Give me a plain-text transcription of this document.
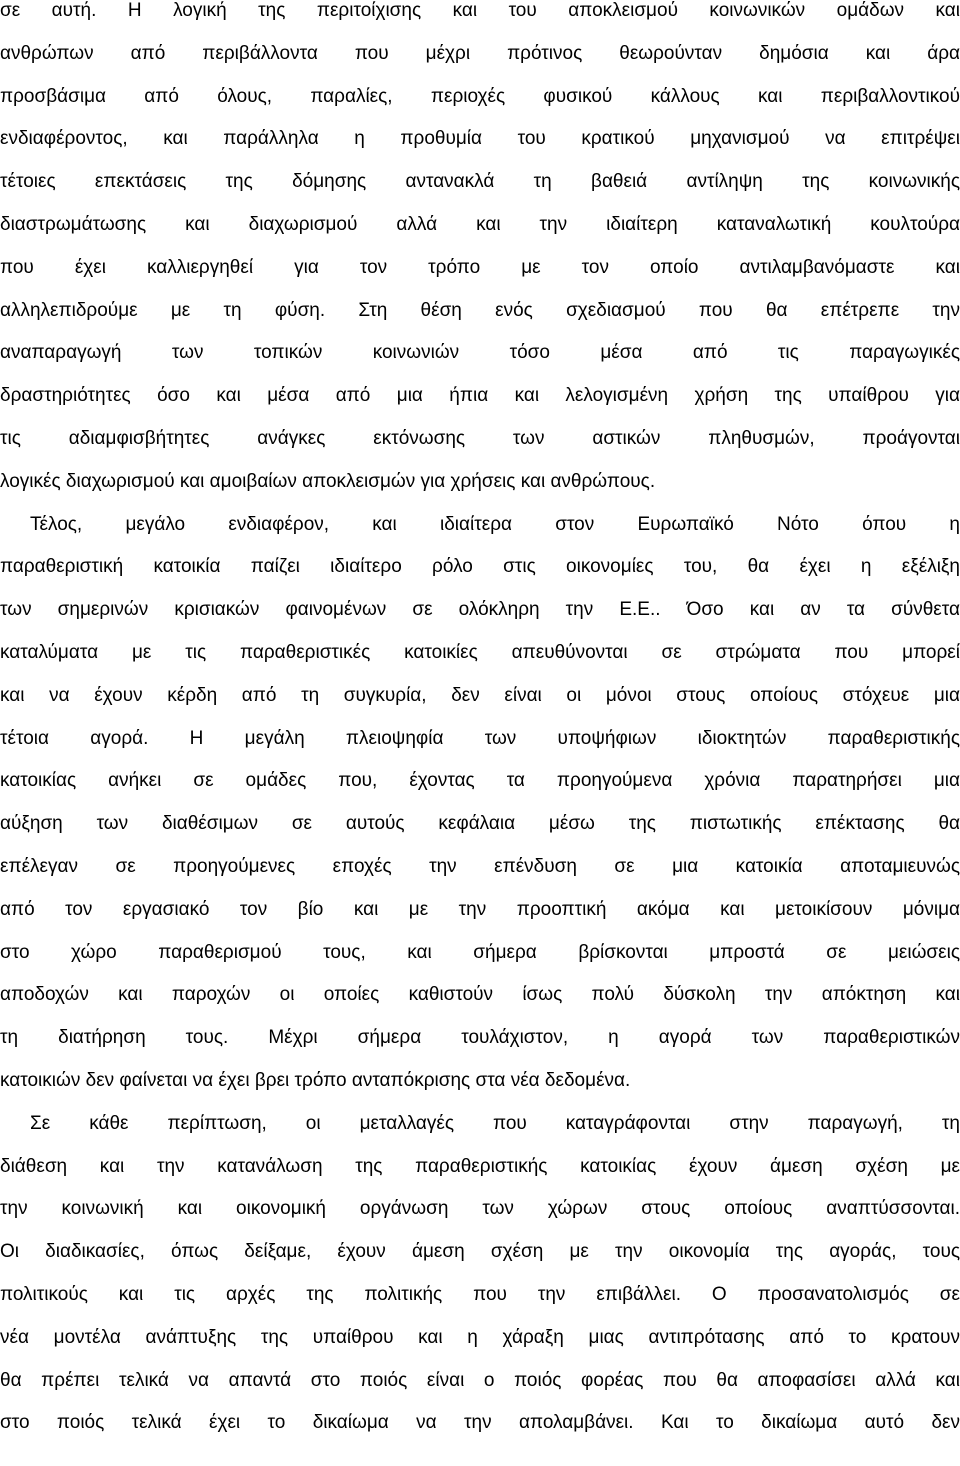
σε αυτή. Η λογική της περιτοίχισης και του αποκλεισμού κοινωνικών ομάδων και
ανθρώπων από περιβάλλοντα που μέχρι πρότινος θεωρούνταν δημόσια και άρα
προσβάσιμα από όλους, παραλίες, περιοχές φυσικού κάλλους και περιβαλλοντικού
ενδιαφέροντος, και παράλληλα η προθυμία του κρατικού μηχανισμού να επιτρέψει
τέτοιες επεκτάσεις της δόμησης αντανακλά τη βαθειά αντίληψη της κοινωνικής
διαστρωμάτωσης και διαχωρισμού αλλά και την ιδιαίτερη καταναλωτική κουλτούρα
που έχει καλλιεργηθεί για τον τρόπο με τον οποίο αντιλαμβανόμαστε και
αλληλεπιδρούμε με τη φύση. Στη θέση ενός σχεδιασμού που θα επέτρεπε την
αναπαραγωγή των τοπικών κοινωνιών τόσο μέσα από τις παραγωγικές
δραστηριότητες όσο και μέσα από μια ήπια και λελογισμένη χρήση της υπαίθρου για
τις αδιαμφισβήτητες ανάγκες εκτόνωσης των αστικών πληθυσμών, προάγονται
λογικές διαχωρισμού και αμοιβαίων αποκλεισμών για χρήσεις και ανθρώπους.
Τέλος, μεγάλο ενδιαφέρον, και ιδιαίτερα στον Ευρωπαϊκό Νότο όπου η
παραθεριστική κατοικία παίζει ιδιαίτερο ρόλο στις οικονομίες του, θα έχει η εξέλιξη
των σημερινών κρισιακών φαινομένων σε ολόκληρη την Ε.Ε.. Όσο και αν τα σύνθετα
καταλύματα με τις παραθεριστικές κατοικίες απευθύνονται σε στρώματα που μπορεί
και να έχουν κέρδη από τη συγκυρία, δεν είναι οι μόνοι στους οποίους στόχευε μια
τέτοια αγορά. Η μεγάλη πλειοψηφία των υποψήφιων ιδιοκτητών παραθεριστικής
κατοικίας ανήκει σε ομάδες που, έχοντας τα προηγούμενα χρόνια παρατηρήσει μια
αύξηση των διαθέσιμων σε αυτούς κεφάλαια μέσω της πιστωτικής επέκτασης θα
επέλεγαν σε προηγούμενες εποχές την επένδυση σε μια κατοικία αποταμιευνώς
από τον εργασιακό τον βίο και με την προοπτική ακόμα και μετοικίσουν μόνιμα
στο χώρο παραθερισμού τους, και σήμερα βρίσκονται μπροστά σε μειώσεις
αποδοχών και παροχών οι οποίες καθιστούν ίσως πολύ δύσκολη την απόκτηση και
τη διατήρηση τους. Μέχρι σήμερα τουλάχιστον, η αγορά των παραθεριστικών
κατοικιών δεν φαίνεται να έχει βρει τρόπο ανταπόκρισης στα νέα δεδομένα.
Σε κάθε περίπτωση, οι μεταλλαγές που καταγράφονται στην παραγωγή, τη
διάθεση και την κατανάλωση της παραθεριστικής κατοικίας έχουν άμεση σχέση με
την κοινωνική και οικονομική οργάνωση των χώρων στους οποίους αναπτύσσονται.
Οι διαδικασίες, όπως δείξαμε, έχουν άμεση σχέση με την οικονομία της αγοράς, τους
πολιτικούς και τις αρχές της πολιτικής που την επιβάλλει. Ο προσανατολισμός σε
νέα μοντέλα ανάπτυξης της υπαίθρου και η χάραξη μιας αντιπρότασης από το κρατουν
θα πρέπει τελικά να απαντά στο ποιός είναι ο ποιός φορέας που θα αποφασίσει αλλά και
στο ποιός τελικά έχει το δικαίωμα να την απολαμβάνει. Και το δικαίωμα αυτό δεν
